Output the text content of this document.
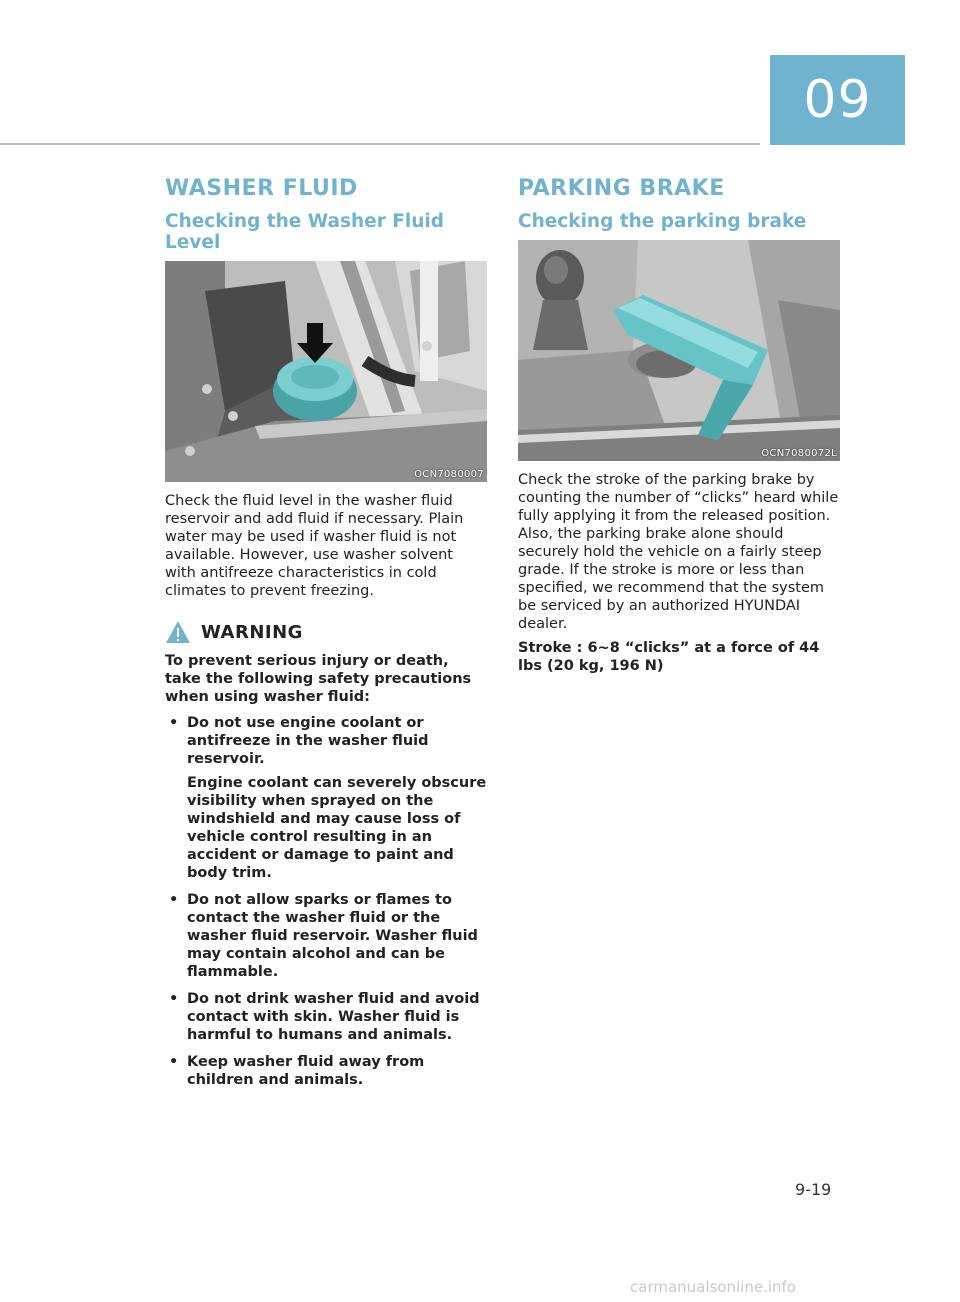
09
WASHER FLUID
Checking the Washer Fluid Level
OCN7080007

Check the fluid level in the washer fluid reservoir and add fluid if necessary. Plain water may be used if washer fluid is not available. However, use washer solvent with antifreeze characteristics in cold climates to prevent freezing.

WARNING

To prevent serious injury or death, take the following safety precautions when using washer fluid:

• Do not use engine coolant or antifreeze in the washer fluid reservoir.

Engine coolant can severely obscure visibility when sprayed on the windshield and may cause loss of vehicle control resulting in an accident or damage to paint and body trim.

• Do not allow sparks or flames to contact the washer fluid or the washer fluid reservoir. Washer fluid may contain alcohol and can be flammable.

• Do not drink washer fluid and avoid contact with skin. Washer fluid is harmful to humans and animals.

• Keep washer fluid away from children and animals.

PARKING BRAKE
Checking the parking brake
OCN7080072L

Check the stroke of the parking brake by counting the number of “clicks” heard while fully applying it from the released position. Also, the parking brake alone should securely hold the vehicle on a fairly steep grade. If the stroke is more or less than specified, we recommend that the system be serviced by an authorized HYUNDAI dealer.

Stroke : 6~8 “clicks” at a force of 44 lbs (20 kg, 196 N)

9-19
carmanualsonline.info
